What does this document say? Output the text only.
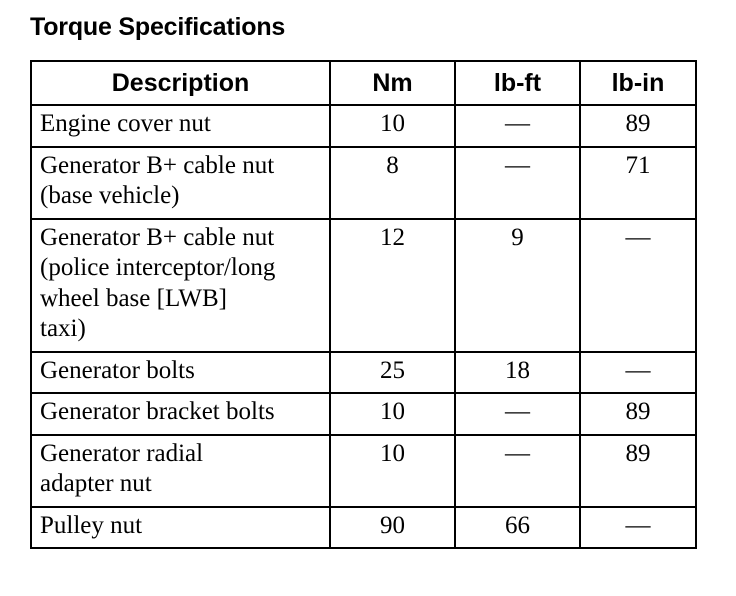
Torque Specifications
Description	Nm	lb-ft	lb-in
Engine cover nut	10	—	89
Generator B+ cable nut
(base vehicle)	8	—	71
Generator B+ cable nut
(police interceptor/long
wheel base [LWB]
taxi)	12	9	—
Generator bolts	25	18	—
Generator bracket bolts	10	—	89
Generator radial
adapter nut	10	—	89
Pulley nut	90	66	—
